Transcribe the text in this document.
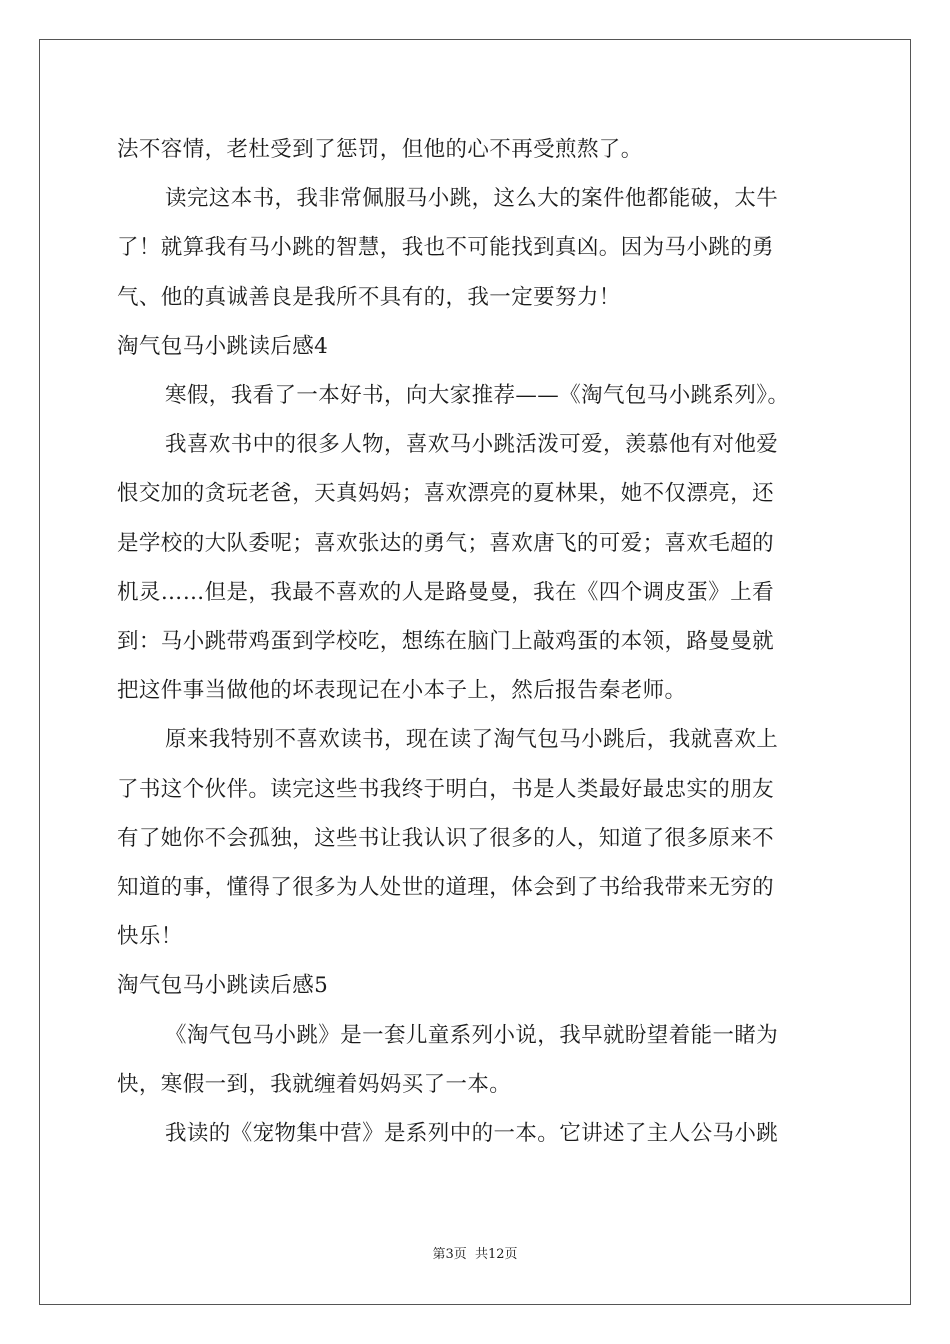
法不容情，老杜受到了惩罚，但他的心不再受煎熬了。
读完这本书，我非常佩服马小跳，这么大的案件他都能破，太牛
了！就算我有马小跳的智慧，我也不可能找到真凶。因为马小跳的勇
气、他的真诚善良是我所不具有的，我一定要努力！
淘气包马小跳读后感4
寒假，我看了一本好书，向大家推荐——《淘气包马小跳系列》。
我喜欢书中的很多人物，喜欢马小跳活泼可爱，羡慕他有对他爱
恨交加的贪玩老爸，天真妈妈；喜欢漂亮的夏林果，她不仅漂亮，还
是学校的大队委呢；喜欢张达的勇气；喜欢唐飞的可爱；喜欢毛超的
机灵……但是，我最不喜欢的人是路曼曼，我在《四个调皮蛋》上看
到：马小跳带鸡蛋到学校吃，想练在脑门上敲鸡蛋的本领，路曼曼就
把这件事当做他的坏表现记在小本子上，然后报告秦老师。
原来我特别不喜欢读书，现在读了淘气包马小跳后，我就喜欢上
了书这个伙伴。读完这些书我终于明白，书是人类最好最忠实的朋友
有了她你不会孤独，这些书让我认识了很多的人，知道了很多原来不
知道的事，懂得了很多为人处世的道理，体会到了书给我带来无穷的
快乐！
淘气包马小跳读后感5
《淘气包马小跳》是一套儿童系列小说，我早就盼望着能一睹为
快，寒假一到，我就缠着妈妈买了一本。
我读的《宠物集中营》是系列中的一本。它讲述了主人公马小跳
第3页 共12页
